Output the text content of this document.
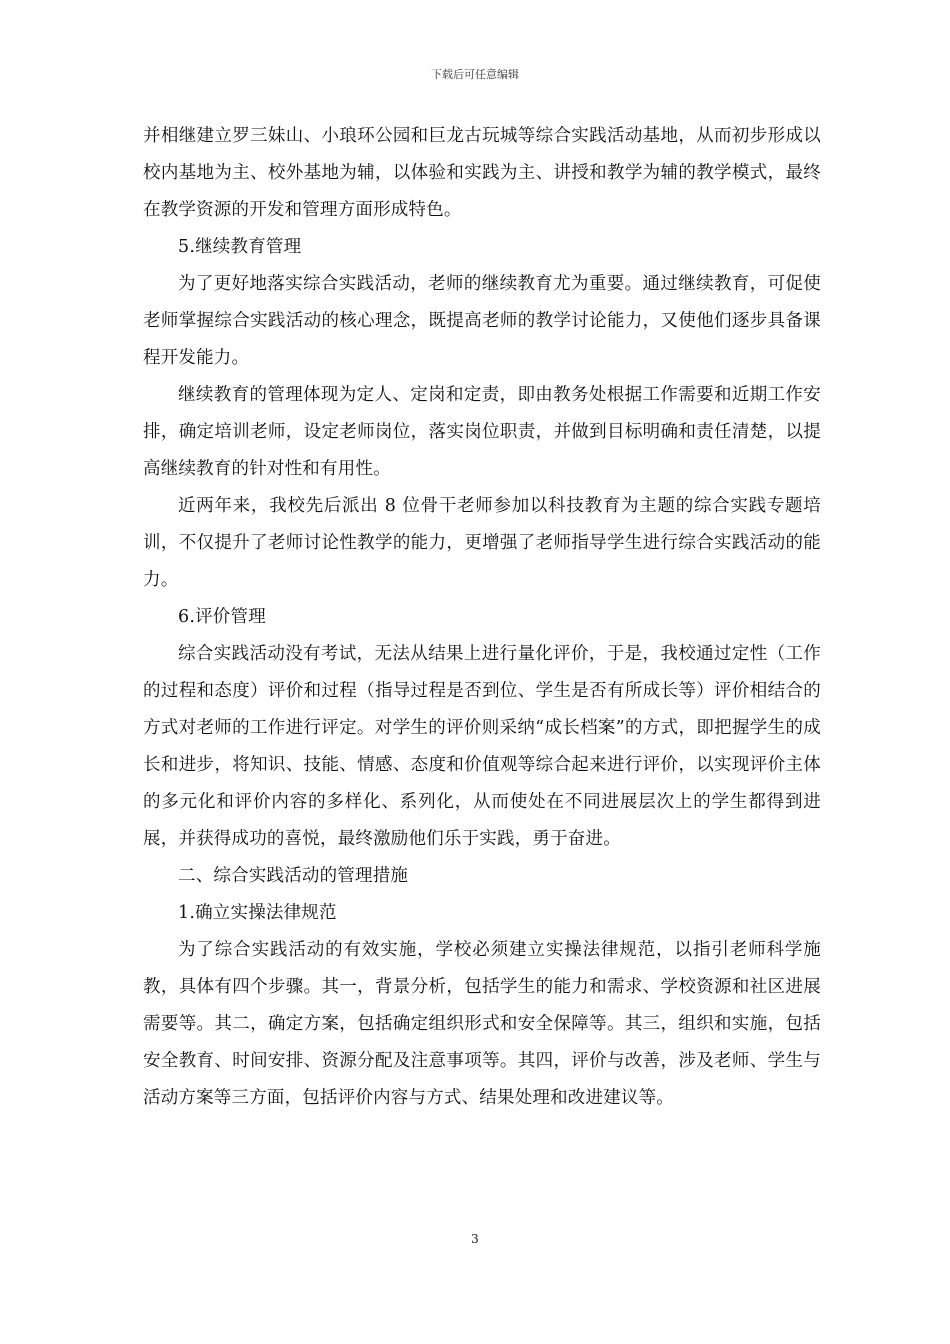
下载后可任意编辑

并相继建立罗三妹山、小琅环公园和巨龙古玩城等综合实践活动基地，从而初步形成以校内基地为主、校外基地为辅，以体验和实践为主、讲授和教学为辅的教学模式，最终在教学资源的开发和管理方面形成特色。

5.继续教育管理

为了更好地落实综合实践活动，老师的继续教育尤为重要。通过继续教育，可促使老师掌握综合实践活动的核心理念，既提高老师的教学讨论能力，又使他们逐步具备课程开发能力。

继续教育的管理体现为定人、定岗和定责，即由教务处根据工作需要和近期工作安排，确定培训老师，设定老师岗位，落实岗位职责，并做到目标明确和责任清楚，以提高继续教育的针对性和有用性。

近两年来，我校先后派出 8 位骨干老师参加以科技教育为主题的综合实践专题培训，不仅提升了老师讨论性教学的能力，更增强了老师指导学生进行综合实践活动的能力。

6.评价管理

综合实践活动没有考试，无法从结果上进行量化评价，于是，我校通过定性（工作的过程和态度）评价和过程（指导过程是否到位、学生是否有所成长等）评价相结合的方式对老师的工作进行评定。对学生的评价则采纳“成长档案”的方式，即把握学生的成长和进步，将知识、技能、情感、态度和价值观等综合起来进行评价，以实现评价主体的多元化和评价内容的多样化、系列化，从而使处在不同进展层次上的学生都得到进展，并获得成功的喜悦，最终激励他们乐于实践，勇于奋进。

二、综合实践活动的管理措施

1.确立实操法律规范

为了综合实践活动的有效实施，学校必须建立实操法律规范，以指引老师科学施教，具体有四个步骤。其一，背景分析，包括学生的能力和需求、学校资源和社区进展需要等。其二，确定方案，包括确定组织形式和安全保障等。其三，组织和实施，包括安全教育、时间安排、资源分配及注意事项等。其四，评价与改善，涉及老师、学生与活动方案等三方面，包括评价内容与方式、结果处理和改进建议等。

3
